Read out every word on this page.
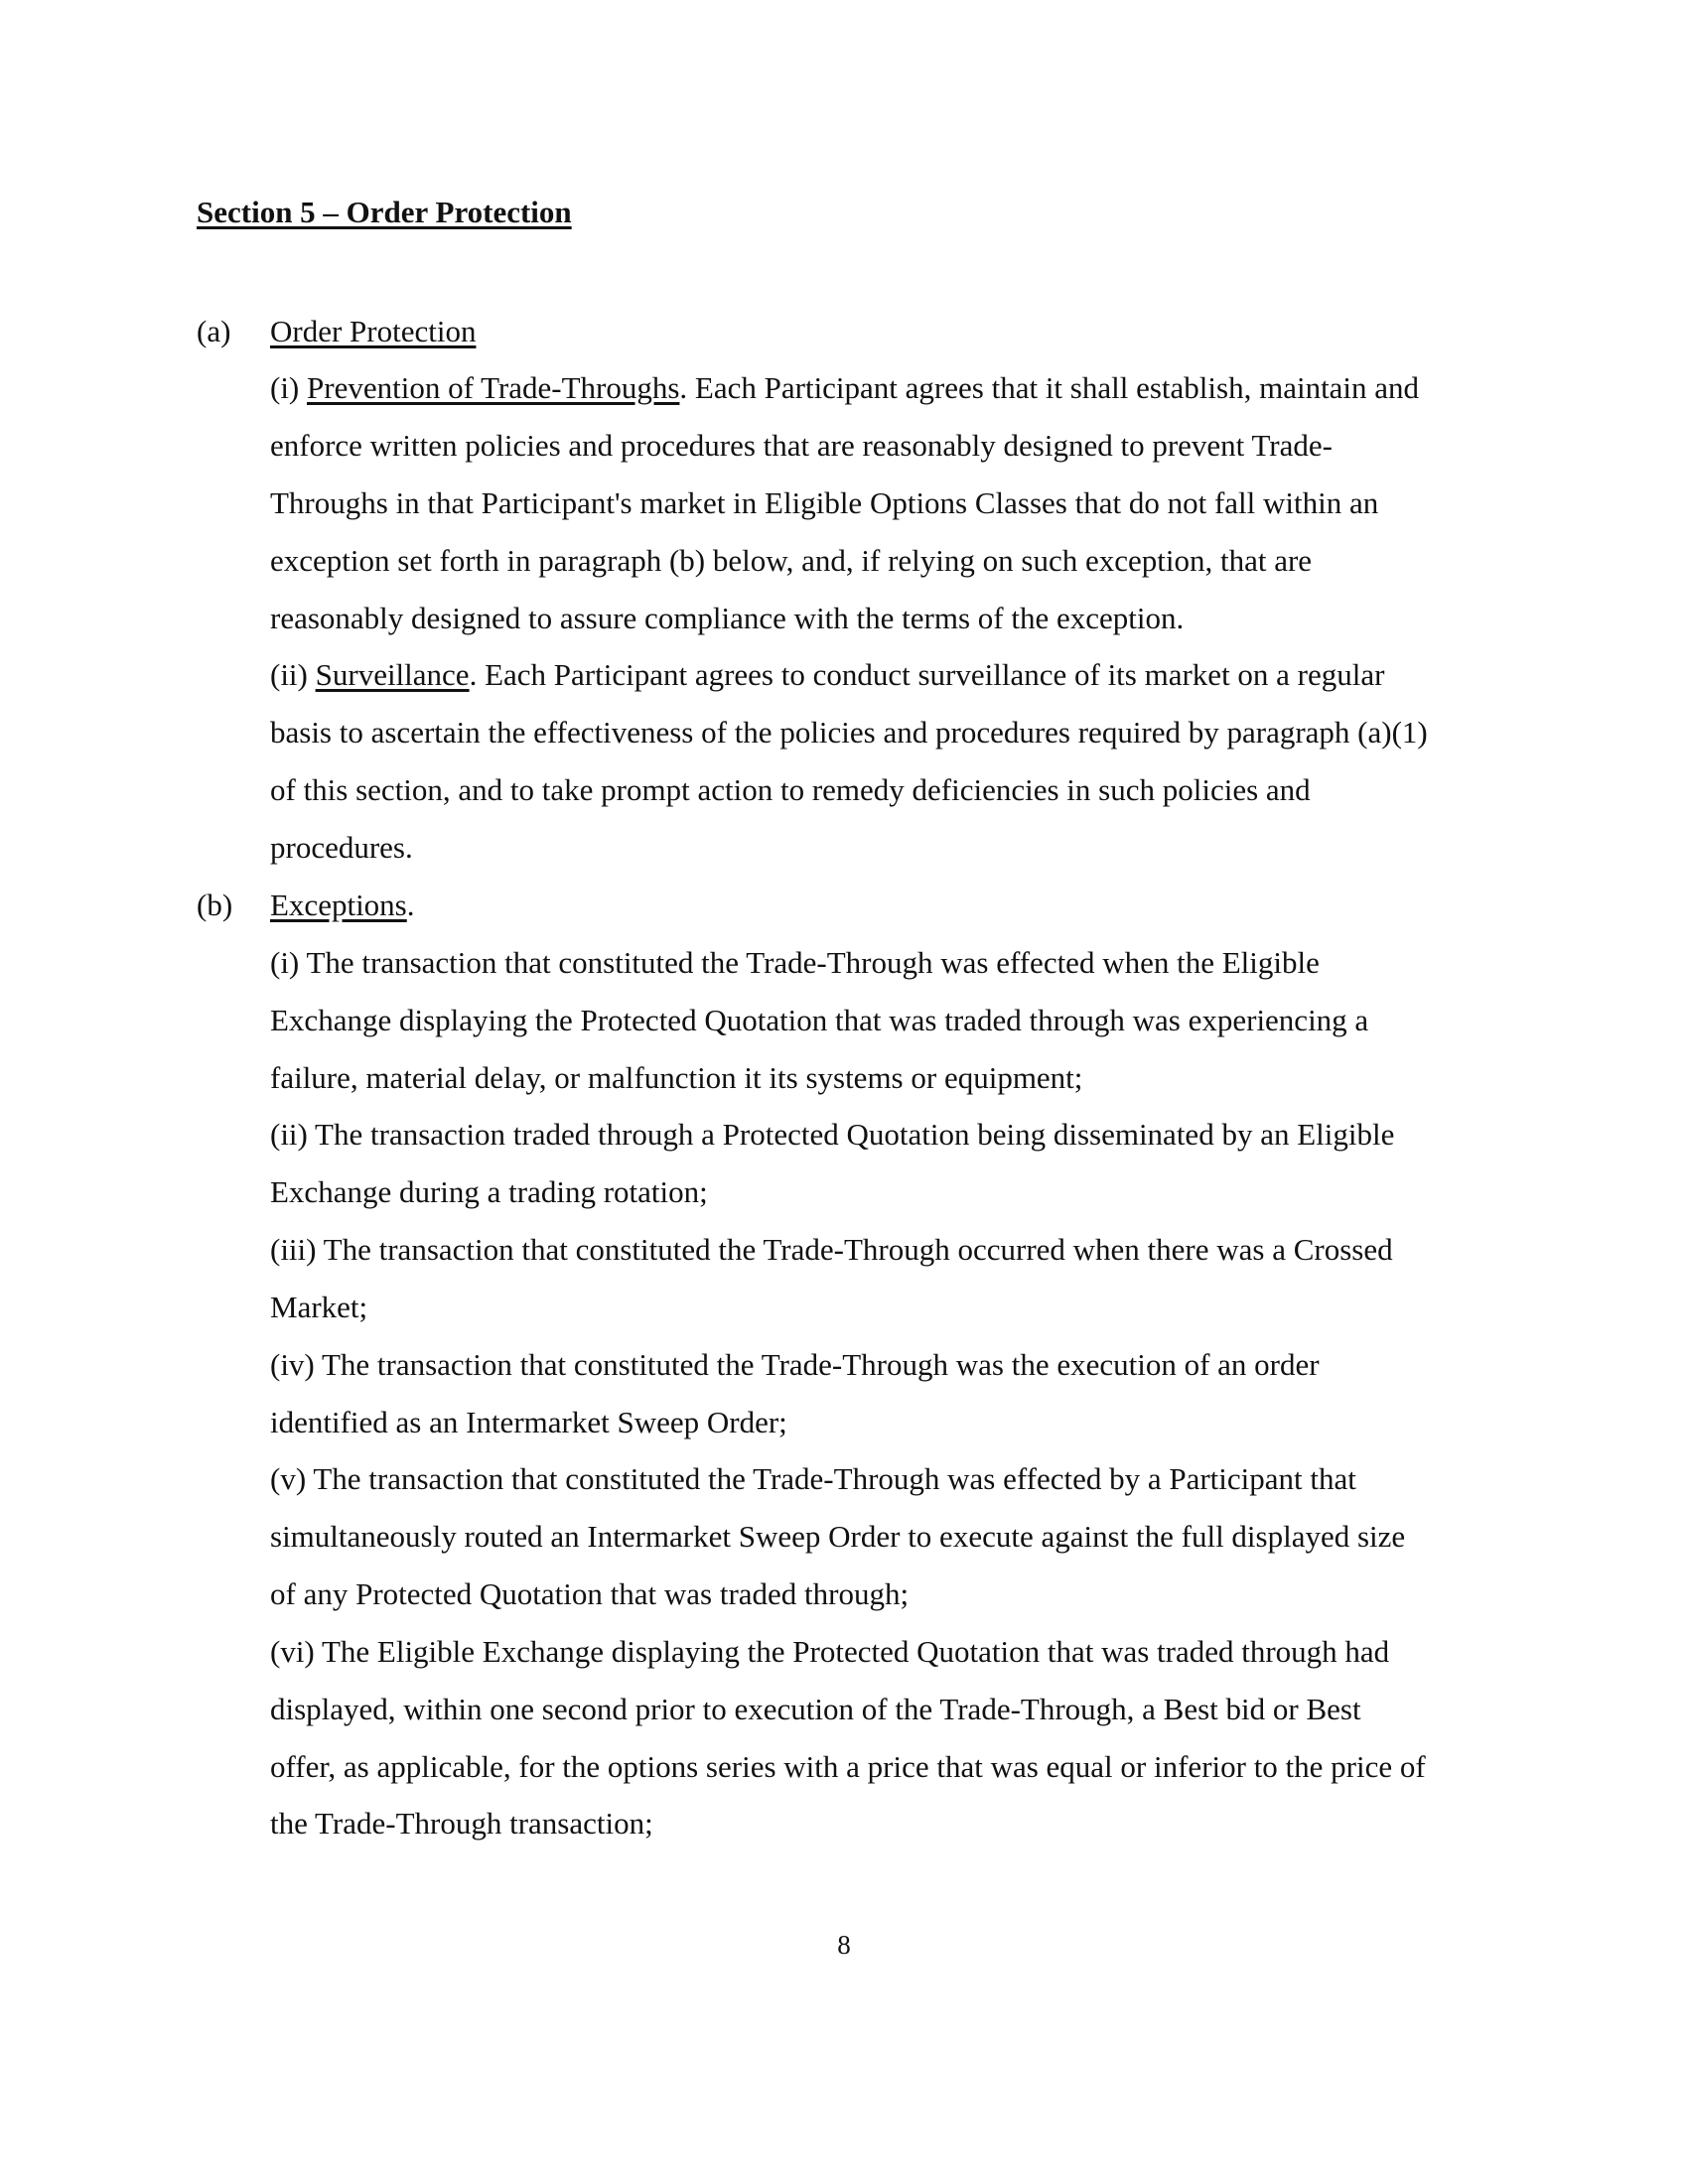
Section 5 – Order Protection
(a) Order Protection
(i) Prevention of Trade-Throughs. Each Participant agrees that it shall establish, maintain and
enforce written policies and procedures that are reasonably designed to prevent Trade-
Throughs in that Participant's market in Eligible Options Classes that do not fall within an
exception set forth in paragraph (b) below, and, if relying on such exception, that are
reasonably designed to assure compliance with the terms of the exception.
(ii) Surveillance. Each Participant agrees to conduct surveillance of its market on a regular
basis to ascertain the effectiveness of the policies and procedures required by paragraph (a)(1)
of this section, and to take prompt action to remedy deficiencies in such policies and
procedures.
(b) Exceptions.
(i) The transaction that constituted the Trade-Through was effected when the Eligible
Exchange displaying the Protected Quotation that was traded through was experiencing a
failure, material delay, or malfunction it its systems or equipment;
(ii) The transaction traded through a Protected Quotation being disseminated by an Eligible
Exchange during a trading rotation;
(iii) The transaction that constituted the Trade-Through occurred when there was a Crossed
Market;
(iv) The transaction that constituted the Trade-Through was the execution of an order
identified as an Intermarket Sweep Order;
(v) The transaction that constituted the Trade-Through was effected by a Participant that
simultaneously routed an Intermarket Sweep Order to execute against the full displayed size
of any Protected Quotation that was traded through;
(vi) The Eligible Exchange displaying the Protected Quotation that was traded through had
displayed, within one second prior to execution of the Trade-Through, a Best bid or Best
offer, as applicable, for the options series with a price that was equal or inferior to the price of
the Trade-Through transaction;
8
